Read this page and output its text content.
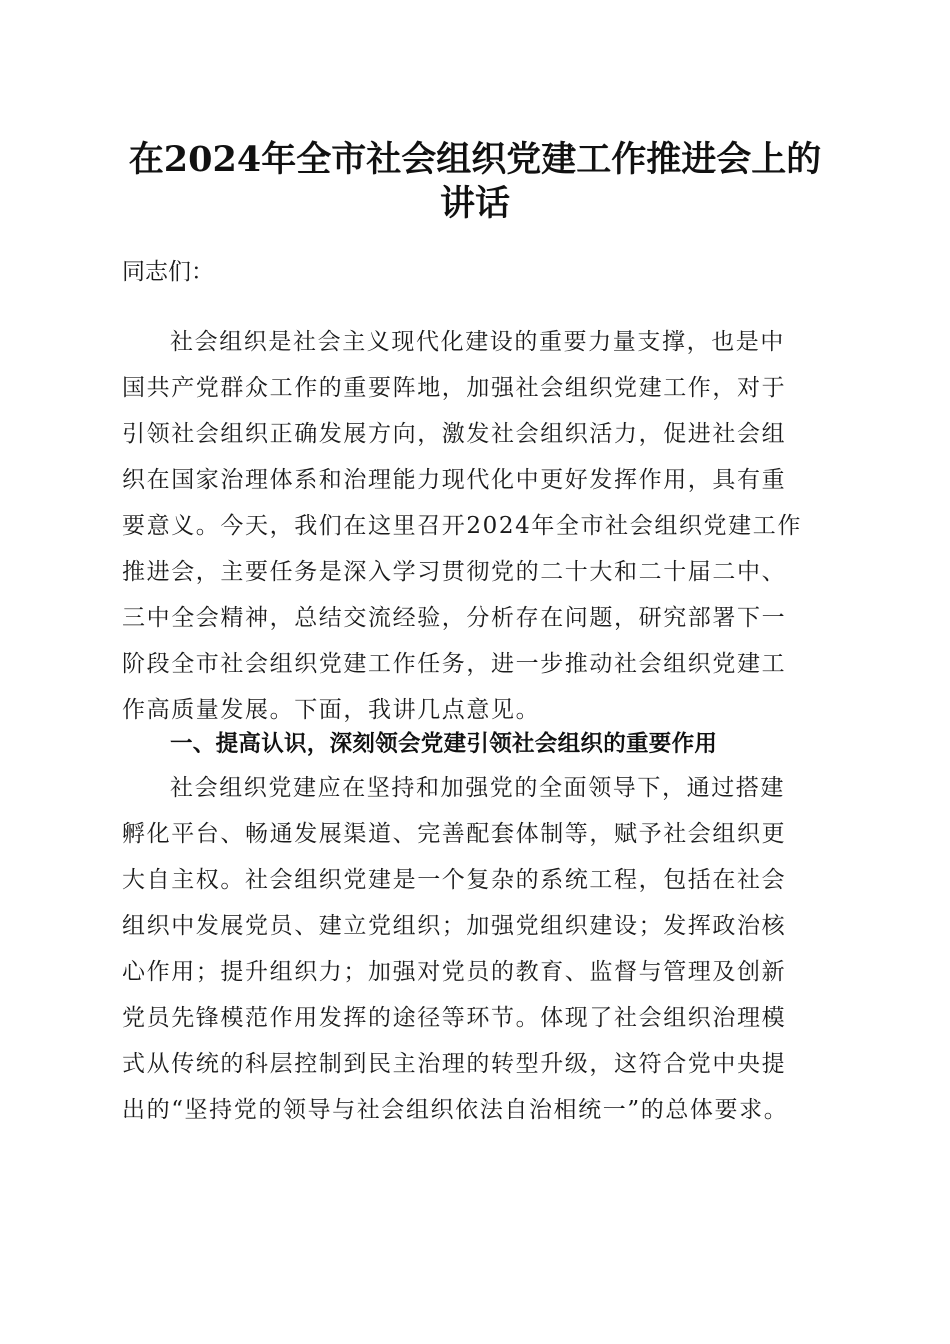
在2024年全市社会组织党建工作推进会上的
讲话
同志们：
社会组织是社会主义现代化建设的重要力量支撑，也是中
国共产党群众工作的重要阵地，加强社会组织党建工作，对于
引领社会组织正确发展方向，激发社会组织活力，促进社会组
织在国家治理体系和治理能力现代化中更好发挥作用，具有重
要意义。今天，我们在这里召开2024年全市社会组织党建工作
推进会，主要任务是深入学习贯彻党的二十大和二十届二中、
三中全会精神，总结交流经验，分析存在问题，研究部署下一
阶段全市社会组织党建工作任务，进一步推动社会组织党建工
作高质量发展。下面，我讲几点意见。
一、提高认识，深刻领会党建引领社会组织的重要作用
社会组织党建应在坚持和加强党的全面领导下，通过搭建
孵化平台、畅通发展渠道、完善配套体制等，赋予社会组织更
大自主权。社会组织党建是一个复杂的系统工程，包括在社会
组织中发展党员、建立党组织；加强党组织建设；发挥政治核
心作用；提升组织力；加强对党员的教育、监督与管理及创新
党员先锋模范作用发挥的途径等环节。体现了社会组织治理模
式从传统的科层控制到民主治理的转型升级，这符合党中央提
出的“坚持党的领导与社会组织依法自治相统一”的总体要求。
